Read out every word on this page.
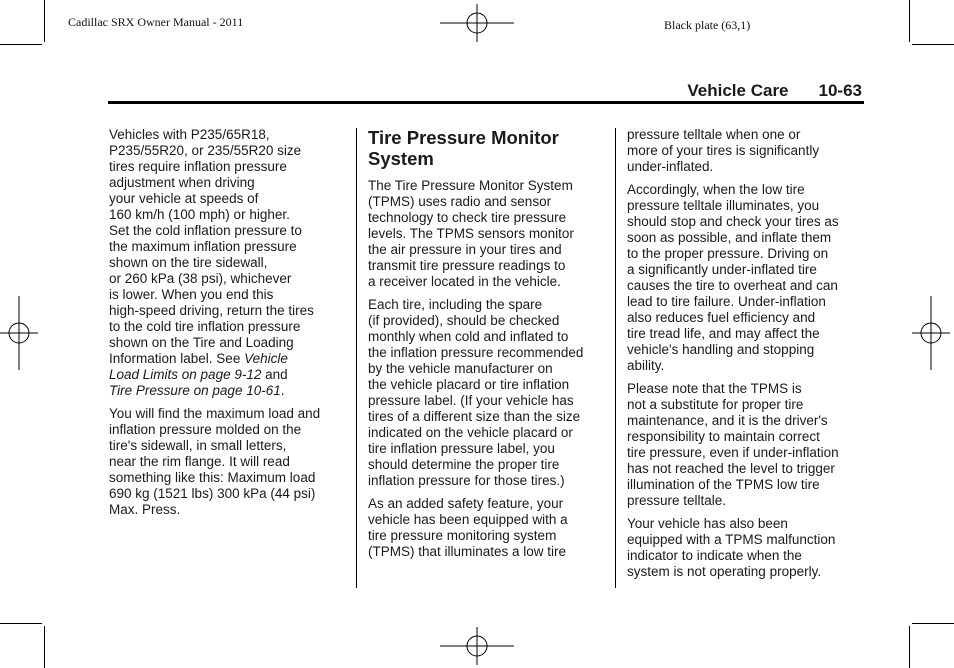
Cadillac SRX Owner Manual - 2011	Black plate (63,1)
Vehicle Care 10-63

Vehicles with P235/65R18,
P235/55R20, or 235/55R20 size
tires require inflation pressure
adjustment when driving
your vehicle at speeds of
160 km/h (100 mph) or higher.
Set the cold inflation pressure to
the maximum inflation pressure
shown on the tire sidewall,
or 260 kPa (38 psi), whichever
is lower. When you end this
high-speed driving, return the tires
to the cold tire inflation pressure
shown on the Tire and Loading
Information label. See Vehicle
Load Limits on page 9-12 and
Tire Pressure on page 10-61.

You will find the maximum load and
inflation pressure molded on the
tire's sidewall, in small letters,
near the rim flange. It will read
something like this: Maximum load
690 kg (1521 lbs) 300 kPa (44 psi)
Max. Press.

Tire Pressure Monitor
System

The Tire Pressure Monitor System
(TPMS) uses radio and sensor
technology to check tire pressure
levels. The TPMS sensors monitor
the air pressure in your tires and
transmit tire pressure readings to
a receiver located in the vehicle.

Each tire, including the spare
(if provided), should be checked
monthly when cold and inflated to
the inflation pressure recommended
by the vehicle manufacturer on
the vehicle placard or tire inflation
pressure label. (If your vehicle has
tires of a different size than the size
indicated on the vehicle placard or
tire inflation pressure label, you
should determine the proper tire
inflation pressure for those tires.)

As an added safety feature, your
vehicle has been equipped with a
tire pressure monitoring system
(TPMS) that illuminates a low tire

pressure telltale when one or
more of your tires is significantly
under-inflated.

Accordingly, when the low tire
pressure telltale illuminates, you
should stop and check your tires as
soon as possible, and inflate them
to the proper pressure. Driving on
a significantly under-inflated tire
causes the tire to overheat and can
lead to tire failure. Under-inflation
also reduces fuel efficiency and
tire tread life, and may affect the
vehicle's handling and stopping
ability.

Please note that the TPMS is
not a substitute for proper tire
maintenance, and it is the driver's
responsibility to maintain correct
tire pressure, even if under-inflation
has not reached the level to trigger
illumination of the TPMS low tire
pressure telltale.

Your vehicle has also been
equipped with a TPMS malfunction
indicator to indicate when the
system is not operating properly.
